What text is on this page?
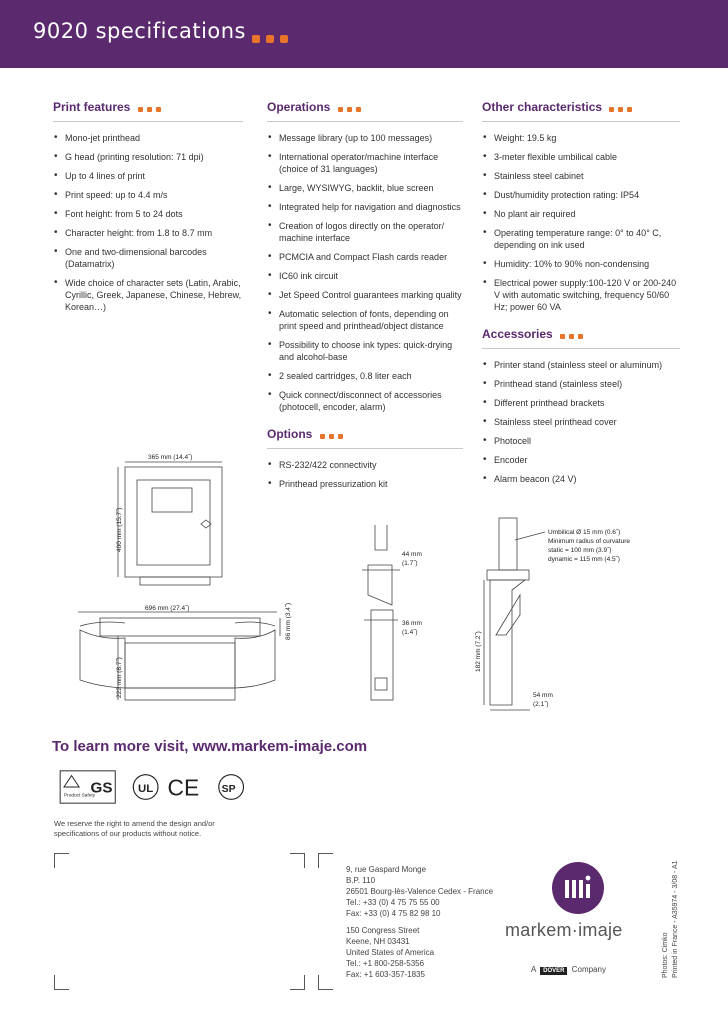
9020 specifications
Print features
• Mono-jet printhead
• G head (printing resolution: 71 dpi)
• Up to 4 lines of print
• Print speed: up to 4.4 m/s
• Font height: from 5 to 24 dots
• Character height: from 1.8 to 8.7 mm
• One and two-dimensional barcodes (Datamatrix)
• Wide choice of character sets (Latin, Arabic, Cyrillic, Greek, Japanese, Chinese, Hebrew, Korean…)
Operations
• Message library (up to 100 messages)
• International operator/machine interface (choice of 31 languages)
• Large, WYSIWYG, backlit, blue screen
• Integrated help for navigation and diagnostics
• Creation of logos directly on the operator/ machine interface
• PCMCIA and Compact Flash cards reader
• IC60 ink circuit
• Jet Speed Control guarantees marking quality
• Automatic selection of fonts, depending on print speed and printhead/object distance
• Possibility to choose ink types: quick-drying and alcohol-base
• 2 sealed cartridges, 0.8 liter each
• Quick connect/disconnect of accessories (photocell, encoder, alarm)
Options
• RS-232/422 connectivity
• Printhead pressurization kit
Other characteristics
• Weight: 19.5 kg
• 3-meter flexible umbilical cable
• Stainless steel cabinet
• Dust/humidity protection rating: IP54
• No plant air required
• Operating temperature range: 0° to 40° C, depending on ink used
• Humidity: 10% to 90% non-condensing
• Electrical power supply:100-120 V or 200-240 V with automatic switching, frequency 50/60 Hz; power 60 VA
Accessories
• Printer stand (stainless steel or aluminum)
• Printhead stand (stainless steel)
• Different printhead brackets
• Stainless steel printhead cover
• Photocell
• Encoder
• Alarm beacon (24 V)
365 mm (14.4˝)
400 mm (15.7˝)
696 mm (27.4˝)	86 mm (3.4˝)
222 mm (8.7˝)
44 mm
(1.7˝)
36 mm
(1.4˝)	182 mm (7.2˝)
54 mm
(2.1˝)
Umbilical Ø 15 mm (0.6˝)
Minimum radius of curvature
static = 100 mm (3.9˝)
dynamic = 115 mm (4.5˝)
To learn more visit, www.markem-imaje.com
Product Safety
GS UL CE SP
We reserve the right to amend the design and/or specifications of our products without notice.
9, rue Gaspard Monge
B.P. 110
26501 Bourg-lès-Valence Cedex - France
Tel.: +33 (0) 4 75 75 55 00
Fax: +33 (0) 4 75 82 98 10
150 Congress Street
Keene, NH 03431
United States of America
Tel.: +1 800-258-5356
Fax: +1 603-357-1835
markem·imaje
A DOVER Company	Photos: Cimko Printed in France - A35974 - 3/08 - A1
